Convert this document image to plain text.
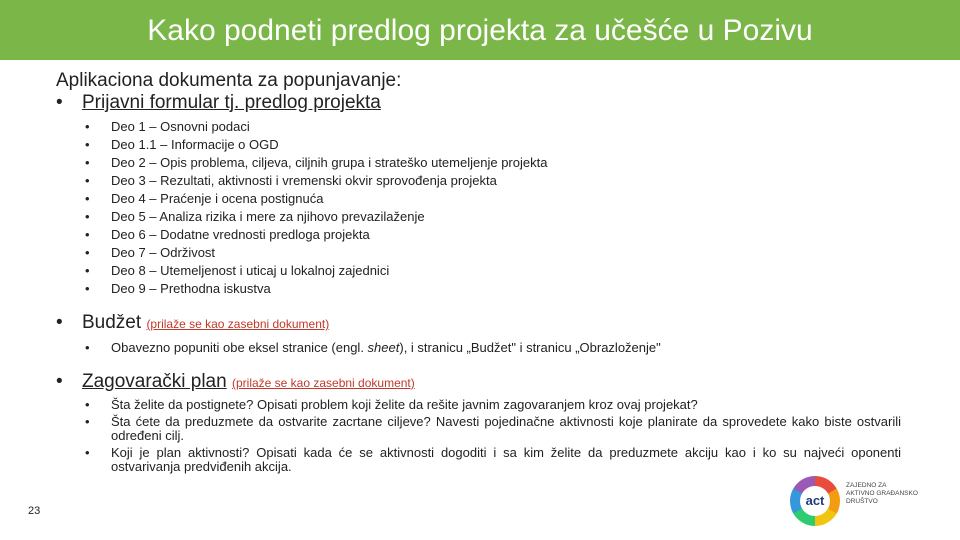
Kako podneti predlog projekta za učešće u Pozivu

Aplikaciona dokumenta za popunjavanje:

• Prijavni formular tj. predlog projekta
• Deo 1 – Osnovni podaci
• Deo 1.1 – Informacije o OGD
• Deo 2 – Opis problema, ciljeva, ciljnih grupa i strateško utemeljenje projekta
• Deo 3 – Rezultati, aktivnosti i vremenski okvir sprovođenja projekta
• Deo 4 – Praćenje i ocena postignuća
• Deo 5 – Analiza rizika i mere za njihovo prevazilaženje
• Deo 6 – Dodatne vrednosti predloga projekta
• Deo 7 – Održivost
• Deo 8 – Utemeljenost i uticaj u lokalnoj zajednici
• Deo 9 – Prethodna iskustva
• Budžet (prilaže se kao zasebni dokument)
• Obavezno popuniti obe eksel stranice (engl. sheet), i stranicu „Budžet" i stranicu „Obrazloženje"
• Zagovarački plan (prilaže se kao zasebni dokument)
• Šta želite da postignete? Opisati problem koji želite da rešite javnim zagovaranjem kroz ovaj projekat?
• Šta ćete da preduzmete da ostvarite zacrtane ciljeve? Navesti pojedinačne aktivnosti koje planirate da sprovedete kako biste ostvarili određeni cilj.
• Koji je plan aktivnosti? Opisati kada će se aktivnosti dogoditi i sa kim želite da preduzmete akciju kao i ko su najveći oponenti ostvarivanja predviđenih akcija.
23
act
ZAJEDNO ZA
AKTIVNO GRAĐANSKO
DRUŠTVO
